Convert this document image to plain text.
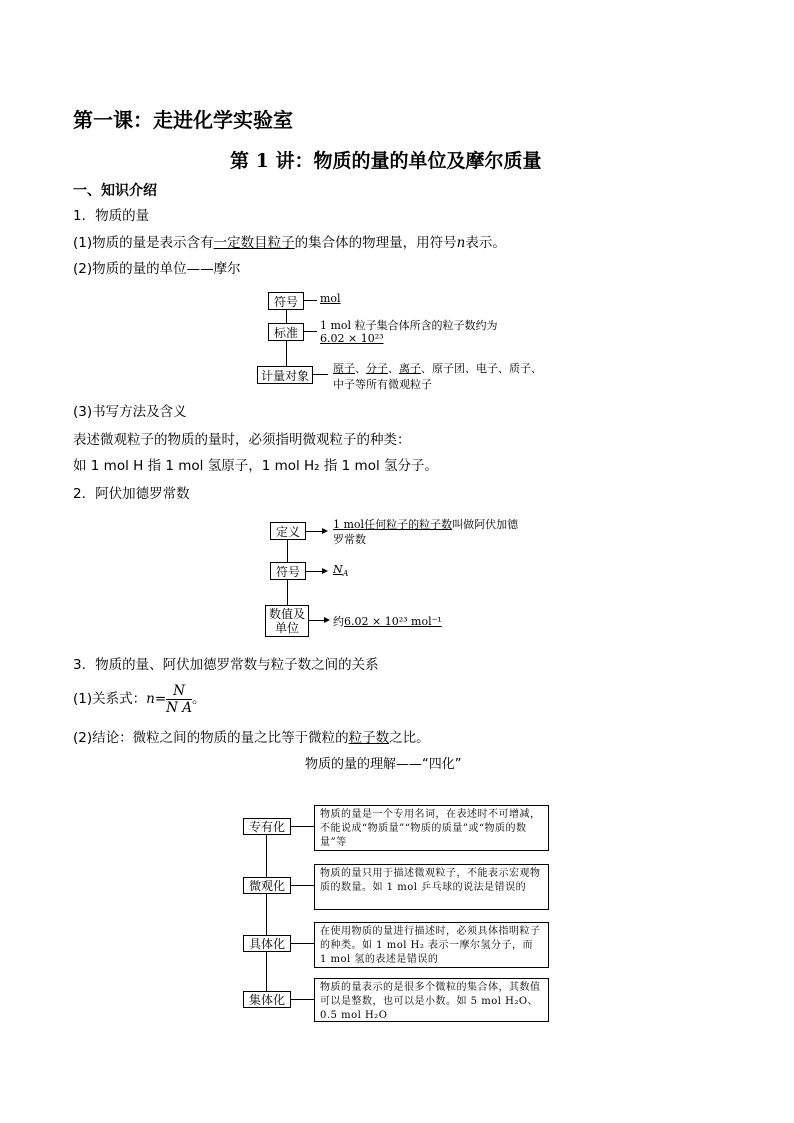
第一课：走进化学实验室
第 1 讲：物质的量的单位及摩尔质量
一、知识介绍
1．物质的量
(1)物质的量是表示含有一定数目粒子的集合体的物理量，用符号n表示。
(2)物质的量的单位——摩尔
符号
标准
计量对象
mol
1 mol 粒子集合体所含的粒子数约为
6.02 × 10²³
原子、分子、离子、原子团、电子、质子、
中子等所有微观粒子
(3)书写方法及含义
表述微观粒子的物质的量时，必须指明微观粒子的种类：
如 1 mol H 指 1 mol 氢原子，1 mol H₂ 指 1 mol 氢分子。
2．阿伏加德罗常数
定义
符号
数值及
单位
1 mol任何粒子的粒子数叫做阿伏加德
罗常数
$N_A$
约6.02 × 10²³ mol⁻¹
3．物质的量、阿伏加德罗常数与粒子数之间的关系
(1)关系式：$n= \frac{N}{\text{N A}}$ 。
(2)结论：微粒之间的物质的量之比等于微粒的粒子数之比。
物质的量的理解——“四化”
专有化
微观化
具体化
集体化
物质的量是一个专用名词，在表述时不可增减，不能说成“物质量”“物质的质量”或“物质的数量”等
物质的量只用于描述微观粒子，不能表示宏观物质的数量。如 1 mol 乒乓球的说法是错误的
在使用物质的量进行描述时，必须具体指明粒子的种类。如 1 mol H₂ 表示一摩尔氢分子，而 1 mol 氢的表述是错误的
物质的量表示的是很多个微粒的集合体，其数值可以是整数，也可以是小数。如 5 mol H₂O、0.5 mol H₂O
